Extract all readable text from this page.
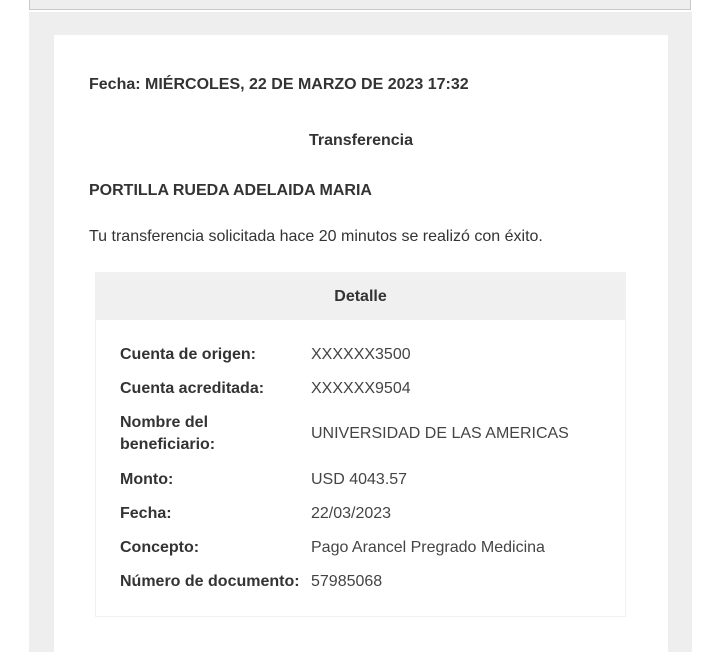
Fecha: MIÉRCOLES, 22 DE MARZO DE 2023 17:32
Transferencia
PORTILLA RUEDA ADELAIDA MARIA
Tu transferencia solicitada hace 20 minutos se realizó con éxito.
Detalle
Cuenta de origen:	XXXXXX3500
Cuenta acreditada:	XXXXXX9504
Nombre del beneficiario:
UNIVERSIDAD DE LAS AMERICAS
Monto:	USD 4043.57
Fecha:	22/03/2023
Concepto:	Pago Arancel Pregrado Medicina
Número de documento: 57985068
